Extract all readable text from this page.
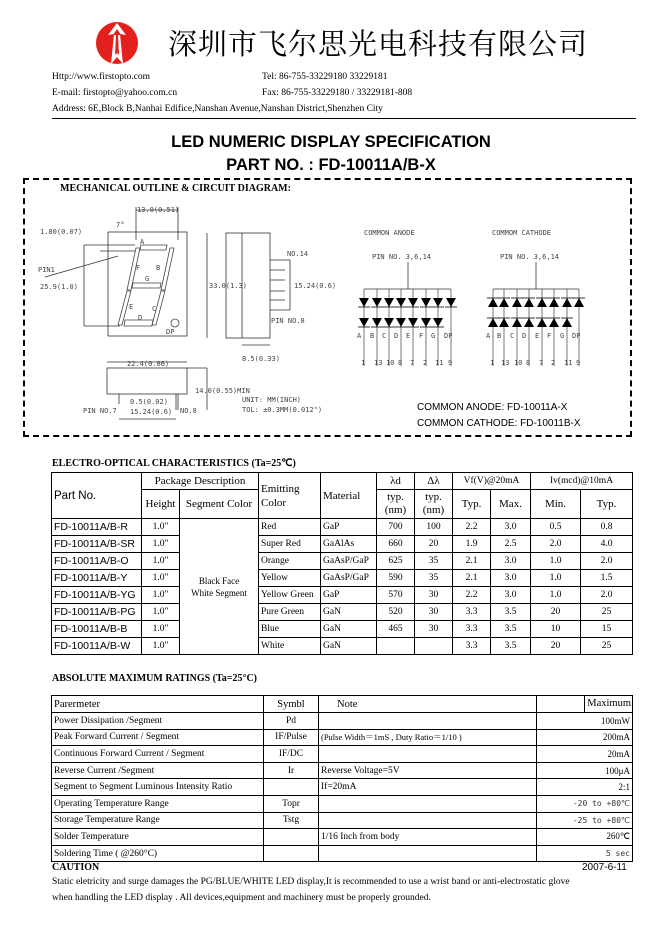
深圳市飞尔思光电科技有限公司
Http://www.firstopto.com
E-mail: firstopto@yahoo.com.cn
Tel: 86-755-33229180 33229181
Fax: 86-755-33229180 / 33229181-808
Address: 6E,Block B,Nanhai Edifice,Nanshan Avenue,Nanshan District,Shenzhen City
LED NUMERIC DISPLAY SPECIFICATION
PART NO. : FD-10011A/B-X
MECHANICAL OUTLINE & CIRCUIT DIAGRAM:
A
1
B
13
C
10
D
8
E
7
F
2
G
11
DP
9
A
1
B
13
C
10
D
8
E
7
F
2
G
11
DP
9
13.0(0.51)
7°
1.80(0.07)
PIN1
25.9(1.0)
A
B
C
D
E
F
G
DP
33.0(1.3)
NO.14
15.24(0.6)
PIN NO.8
8.5(0.33)
22.4(0.86)
14.0(0.55)MIN
0.5(0.02)
PIN NO.7 15.24(0.6) NO.8
UNIT: MM(INCH)
TOL: ±0.3MM(0.012")
COMMON ANODE
PIN NO. 3,6,14
COMMOM CATHODE
PIN NO. 3,6,14
COMMON ANODE: FD-10011A-X
COMMON CATHODE: FD-10011B-X
ELECTRO-OPTICAL CHARACTERISTICS (Ta=25℃)
Part No.	Package Description		Emitting Color	Material	λd	Δλ	Vf(V)@20mA		Iv(mcd)@10mA	
	Height	Segment Color			typ. (nm)	typ. (nm)	Typ.	Max.	Min.	Typ.
FD-10011A/B-R	1.0"	Black Face White Segment	Red	GaP	700	100	2.2	3.0	0.5	0.8
FD-10011A/B-SR	1.0"		Super Red	GaAlAs	660	20	1.9	2.5	2.0	4.0
FD-10011A/B-O	1.0"		Orange	GaAsP/GaP	625	35	2.1	3.0	1.0	2.0
FD-10011A/B-Y	1.0"		Yellow	GaAsP/GaP	590	35	2.1	3.0	1.0	1.5
FD-10011A/B-YG	1.0"		Yellow Green	GaP	570	30	2.2	3.0	1.0	2.0
FD-10011A/B-PG	1.0"		Pure Green	GaN	520	30	3.3	3.5	20	25
FD-10011A/B-B	1.0"		Blue	GaN	465	30	3.3	3.5	10	15
FD-10011A/B-W	1.0"		White	GaN			3.3	3.5	20	25
ABSOLUTE MAXIMUM RATINGS (Ta=25°C)
Parermeter	Symbl	Note	Maximum
Power Dissipation /Segment	Pd		100mW
Peak Forward Current / Segment	IF/Pulse	(Pulse Width＝1mS , Duty Ratio＝1/10 )	200mA
Continuous Forward Current / Segment	IF/DC		20mA
Reverse Current /Segment	Ir	Reverse Voltage=5V	100μA
Segment to Segment Luminous Intensity Ratio		If=20mA	2:1
Operating Temperature Range	Topr		-20 to +80℃
Storage Temperature Range	Tstg		-25 to +80℃
Solder Temperature		1/16 Inch from body	260℃
Soldering Time ( @260°C)			5 sec
CAUTION	2007-6-11
Static eletricity and surge damages the PG/BLUE/WHITE LED display,It is recommended to use a wrist band or anti-electrostatic glove
when handling the LED display . All devices,equipment and machinery must be properly grounded.
